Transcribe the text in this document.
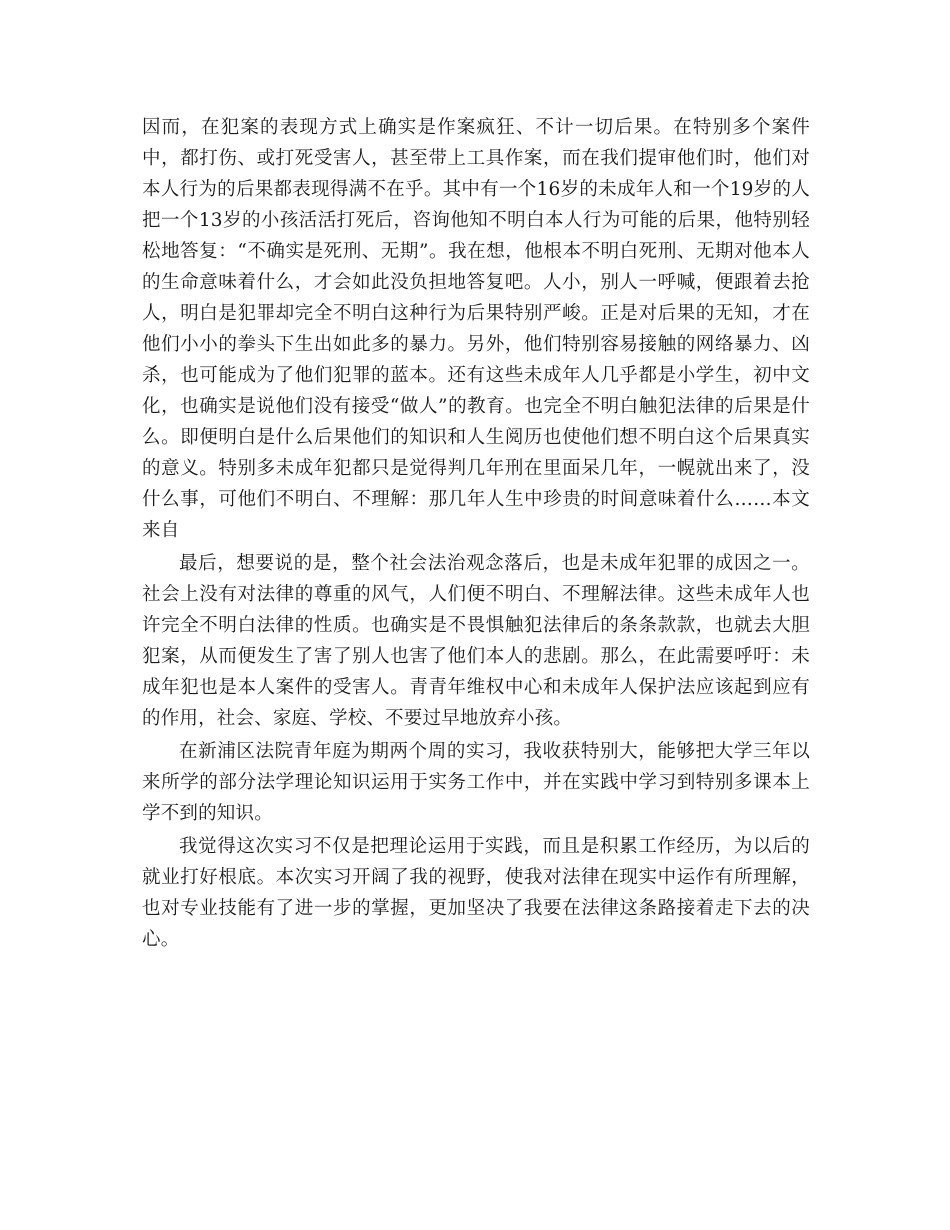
因而，在犯案的表现方式上确实是作案疯狂、不计一切后果。在特别多个案件中，都打伤、或打死受害人，甚至带上工具作案，而在我们提审他们时，他们对本人行为的后果都表现得满不在乎。其中有一个16岁的未成年人和一个19岁的人把一个13岁的小孩活活打死后，咨询他知不明白本人行为可能的后果，他特别轻松地答复：“不确实是死刑、无期”。我在想，他根本不明白死刑、无期对他本人的生命意味着什么，才会如此没负担地答复吧。人小，别人一呼喊，便跟着去抢人，明白是犯罪却完全不明白这种行为后果特别严峻。正是对后果的无知，才在他们小小的拳头下生出如此多的暴力。另外，他们特别容易接触的网络暴力、凶杀，也可能成为了他们犯罪的蓝本。还有这些未成年人几乎都是小学生，初中文化，也确实是说他们没有接受“做人”的教育。也完全不明白触犯法律的后果是什么。即便明白是什么后果他们的知识和人生阅历也使他们想不明白这个后果真实的意义。特别多未成年犯都只是觉得判几年刑在里面呆几年，一幌就出来了，没什么事，可他们不明白、不理解：那几年人生中珍贵的时间意味着什么……本文来自

最后，想要说的是，整个社会法治观念落后，也是未成年犯罪的成因之一。社会上没有对法律的尊重的风气，人们便不明白、不理解法律。这些未成年人也许完全不明白法律的性质。也确实是不畏惧触犯法律后的条条款款，也就去大胆犯案，从而便发生了害了别人也害了他们本人的悲剧。那么，在此需要呼吁：未成年犯也是本人案件的受害人。青青年维权中心和未成年人保护法应该起到应有的作用，社会、家庭、学校、不要过早地放弃小孩。

在新浦区法院青年庭为期两个周的实习，我收获特别大，能够把大学三年以来所学的部分法学理论知识运用于实务工作中，并在实践中学习到特别多课本上学不到的知识。

我觉得这次实习不仅是把理论运用于实践，而且是积累工作经历，为以后的就业打好根底。本次实习开阔了我的视野，使我对法律在现实中运作有所理解，也对专业技能有了进一步的掌握，更加坚决了我要在法律这条路接着走下去的决心。
